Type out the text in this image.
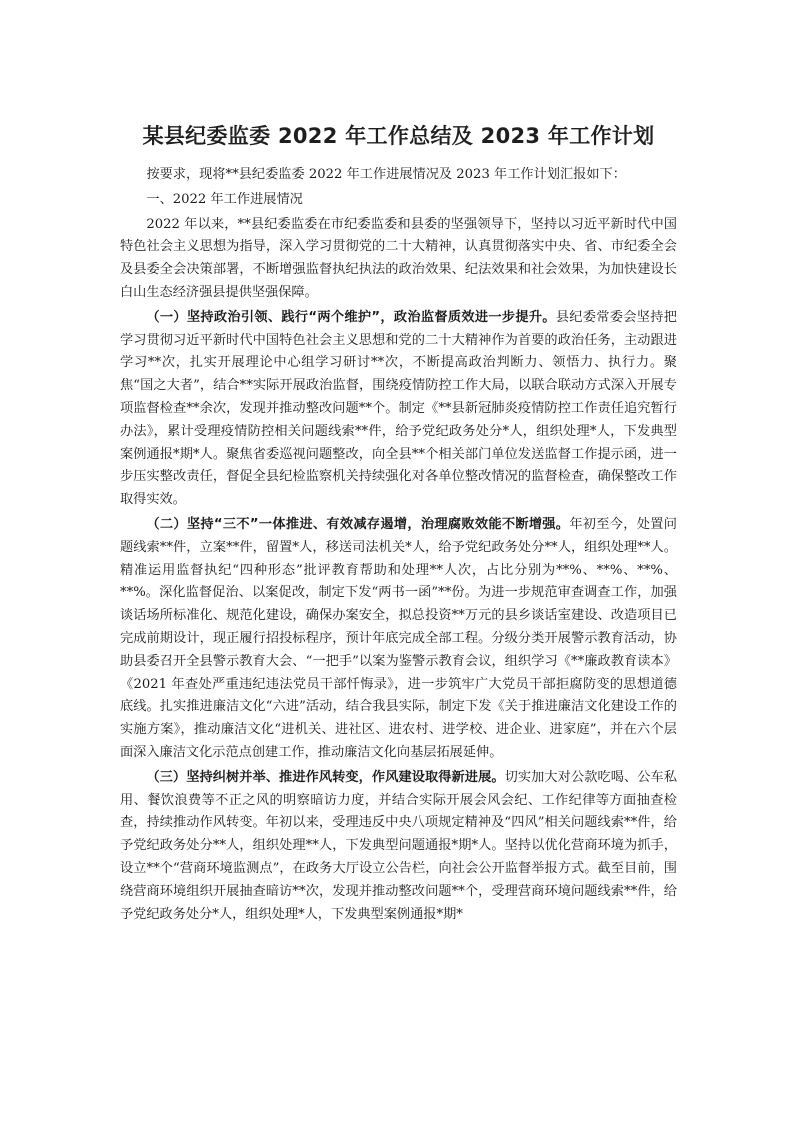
某县纪委监委 2022 年工作总结及 2023 年工作计划

按要求，现将**县纪委监委 2022 年工作进展情况及 2023 年工作计划汇报如下：

一、2022 年工作进展情况

2022 年以来，**县纪委监委在市纪委监委和县委的坚强领导下，坚持以习近平新时代中国特色社会主义思想为指导，深入学习贯彻党的二十大精神，认真贯彻落实中央、省、市纪委全会及县委全会决策部署，不断增强监督执纪执法的政治效果、纪法效果和社会效果，为加快建设长白山生态经济强县提供坚强保障。

（一）坚持政治引领、践行“两个维护”，政治监督质效进一步提升。县纪委常委会坚持把学习贯彻习近平新时代中国特色社会主义思想和党的二十大精神作为首要的政治任务，主动跟进学习**次，扎实开展理论中心组学习研讨**次，不断提高政治判断力、领悟力、执行力。聚焦“国之大者”，结合**实际开展政治监督，围绕疫情防控工作大局，以联合联动方式深入开展专项监督检查**余次，发现并推动整改问题**个。制定《**县新冠肺炎疫情防控工作责任追究暂行办法》，累计受理疫情防控相关问题线索**件，给予党纪政务处分*人，组织处理*人，下发典型案例通报*期*人。聚焦省委巡视问题整改，向全县**个相关部门单位发送监督工作提示函，进一步压实整改责任，督促全县纪检监察机关持续强化对各单位整改情况的监督检查，确保整改工作取得实效。

（二）坚持“三不”一体推进、有效减存遏增，治理腐败效能不断增强。年初至今，处置问题线索**件，立案**件，留置*人，移送司法机关*人，给予党纪政务处分**人，组织处理**人。精准运用监督执纪“四种形态”批评教育帮助和处理**人次，占比分别为**%、**%、**%、**%。深化监督促治、以案促改，制定下发“两书一函”**份。为进一步规范审查调查工作，加强谈话场所标准化、规范化建设，确保办案安全，拟总投资**万元的县乡谈话室建设、改造项目已完成前期设计，现正履行招投标程序，预计年底完成全部工程。分级分类开展警示教育活动，协助县委召开全县警示教育大会、“一把手”以案为鉴警示教育会议，组织学习《**廉政教育读本》《2021 年查处严重违纪违法党员干部忏悔录》，进一步筑牢广大党员干部拒腐防变的思想道德底线。扎实推进廉洁文化“六进”活动，结合我县实际，制定下发《关于推进廉洁文化建设工作的实施方案》，推动廉洁文化“进机关、进社区、进农村、进学校、进企业、进家庭”，并在六个层面深入廉洁文化示范点创建工作，推动廉洁文化向基层拓展延伸。

（三）坚持纠树并举、推进作风转变，作风建设取得新进展。切实加大对公款吃喝、公车私用、餐饮浪费等不正之风的明察暗访力度，并结合实际开展会风会纪、工作纪律等方面抽查检查，持续推动作风转变。年初以来，受理违反中央八项规定精神及“四风”相关问题线索**件，给予党纪政务处分**人，组织处理**人，下发典型问题通报*期*人。坚持以优化营商环境为抓手，设立**个“营商环境监测点”，在政务大厅设立公告栏，向社会公开监督举报方式。截至目前，围绕营商环境组织开展抽查暗访**次，发现并推动整改问题**个，受理营商环境问题线索**件，给予党纪政务处分*人，组织处理*人，下发典型案例通报*期*
